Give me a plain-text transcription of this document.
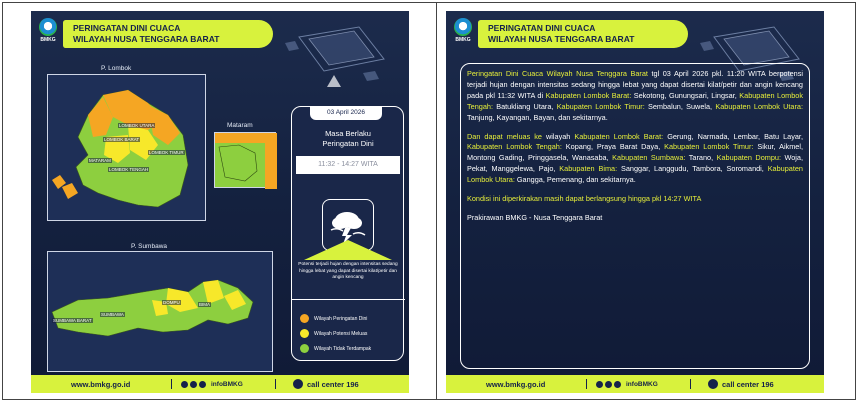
BMKG
PERINGATAN DINI CUACA
WILAYAH NUSA TENGGARA BARAT
P. Lombok
LOMBOK UTARA
LOMBOK BARAT
MATARAM
LOMBOK TENGAH
LOMBOK TIMUR
Mataram
P. Sumbawa
SUMBAWA BARAT
SUMBAWA
DOMPU	BIMA
03 April 2026
Masa Berlaku
Peringatan Dini
11:32 - 14:27 WITA
Potensi terjadi hujan dengan intensitas sedang hingga lebat yang dapat disertai kilat/petir dan angin kencang
Wilayah Peringatan Dini
Wilayah Potensi Meluas
Wilayah Tidak Terdampak
www.bmkg.go.id	infoBMKG	call center 196
BMKG
PERINGATAN DINI CUACA
WILAYAH NUSA TENGGARA BARAT

Peringatan Dini Cuaca Wilayah Nusa Tenggara Barat tgl 03 April 2026 pkl. 11:20 WITA berpotensi terjadi hujan dengan intensitas sedang hingga lebat yang dapat disertai kilat/petir dan angin kencang pada pkl 11:32 WITA di Kabupaten Lombok Barat: Sekotong, Gunungsari, Lingsar, Kabupaten Lombok Tengah: Batukliang Utara, Kabupaten Lombok Timur: Sembalun, Suwela, Kabupaten Lombok Utara: Tanjung, Kayangan, Bayan, dan sekitarnya.

Dan dapat meluas ke wilayah Kabupaten Lombok Barat: Gerung, Narmada, Lembar, Batu Layar, Kabupaten Lombok Tengah: Kopang, Praya Barat Daya, Kabupaten Lombok Timur: Sikur, Aikmel, Montong Gading, Pringgasela, Wanasaba, Kabupaten Sumbawa: Tarano, Kabupaten Dompu: Woja, Pekat, Manggelewa, Pajo, Kabupaten Bima: Sanggar, Langgudu, Tambora, Soromandi, Kabupaten Lombok Utara: Gangga, Pemenang, dan sekitarnya.

Kondisi ini diperkirakan masih dapat berlangsung hingga pkl 14:27 WITA

Prakirawan BMKG - Nusa Tenggara Barat

www.bmkg.go.id	infoBMKG	call center 196
